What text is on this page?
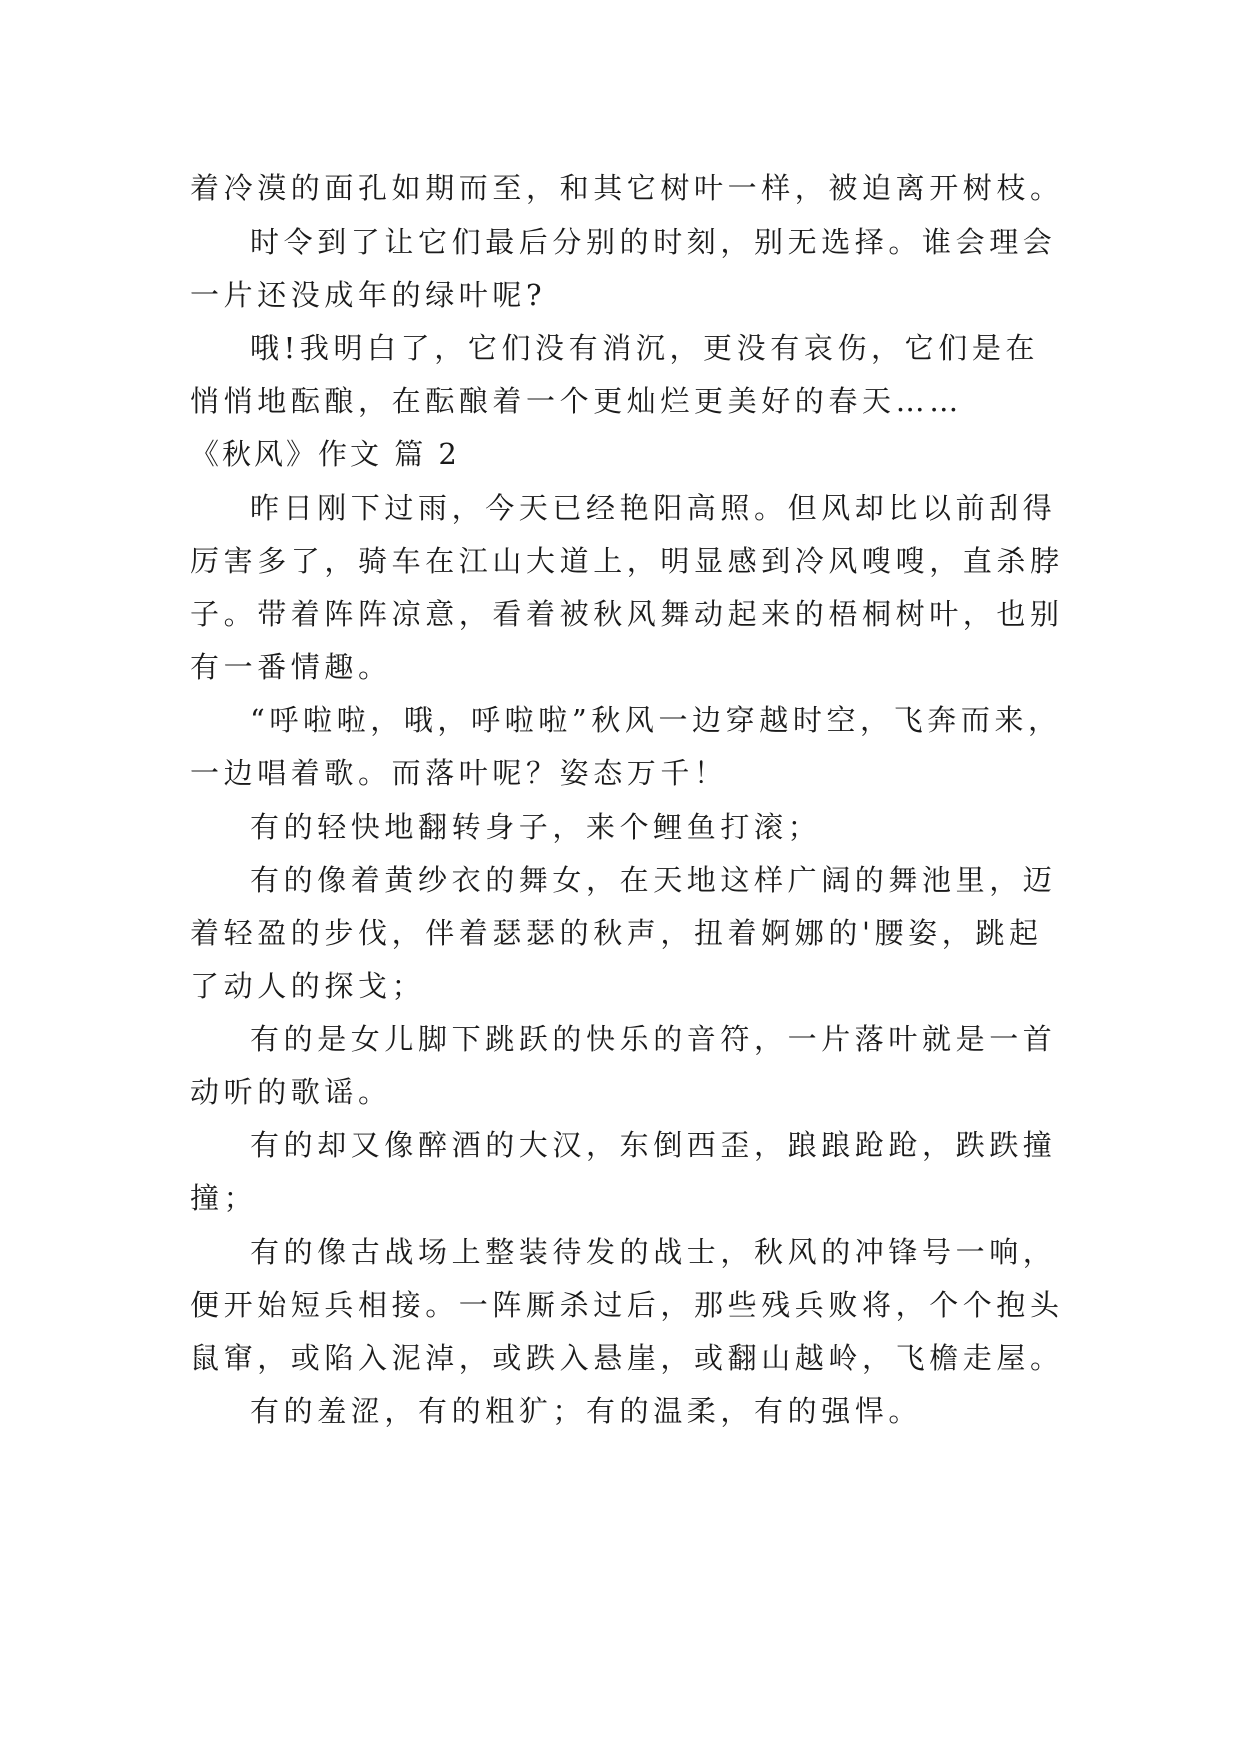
着冷漠的面孔如期而至，和其它树叶一样，被迫离开树枝。
时令到了让它们最后分别的时刻，别无选择。谁会理会
一片还没成年的绿叶呢?
哦!我明白了，它们没有消沉，更没有哀伤，它们是在
悄悄地酝酿，在酝酿着一个更灿烂更美好的春天……
《秋风》作文 篇 2
昨日刚下过雨，今天已经艳阳高照。但风却比以前刮得
厉害多了，骑车在江山大道上，明显感到冷风嗖嗖，直杀脖
子。带着阵阵凉意，看着被秋风舞动起来的梧桐树叶，也别
有一番情趣。
“呼啦啦，哦，呼啦啦”秋风一边穿越时空，飞奔而来，
一边唱着歌。而落叶呢？姿态万千！
有的轻快地翻转身子，来个鲤鱼打滚；
有的像着黄纱衣的舞女，在天地这样广阔的舞池里，迈
着轻盈的步伐，伴着瑟瑟的秋声，扭着婀娜的'腰姿，跳起
了动人的探戈；
有的是女儿脚下跳跃的快乐的音符，一片落叶就是一首
动听的歌谣。
有的却又像醉酒的大汉，东倒西歪，踉踉跄跄，跌跌撞
撞；
有的像古战场上整装待发的战士，秋风的冲锋号一响，
便开始短兵相接。一阵厮杀过后，那些残兵败将，个个抱头
鼠窜，或陷入泥淖，或跌入悬崖，或翻山越岭，飞檐走屋。
有的羞涩，有的粗犷；有的温柔，有的强悍。
